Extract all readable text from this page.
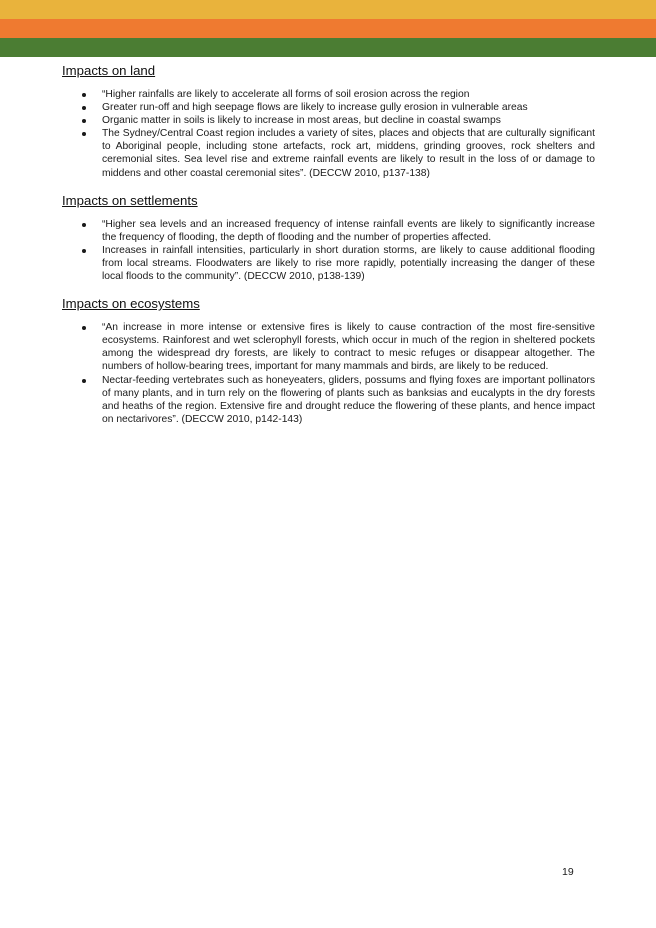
Impacts on land
“Higher rainfalls are likely to accelerate all forms of soil erosion across the region
Greater run-off and high seepage flows are likely to increase gully erosion in vulnerable areas
Organic matter in soils is likely to increase in most areas, but decline in coastal swamps
The Sydney/Central Coast region includes a variety of sites, places and objects that are culturally significant to Aboriginal people, including stone artefacts, rock art, middens, grinding grooves, rock shelters and ceremonial sites. Sea level rise and extreme rainfall events are likely to result in the loss of or damage to middens and other coastal ceremonial sites”. (DECCW 2010, p137-138)
Impacts on settlements
“Higher sea levels and an increased frequency of intense rainfall events are likely to significantly increase the frequency of flooding, the depth of flooding and the number of properties affected.
Increases in rainfall intensities, particularly in short duration storms, are likely to cause additional flooding from local streams. Floodwaters are likely to rise more rapidly, potentially increasing the danger of these local floods to the community”. (DECCW 2010, p138-139)
Impacts on ecosystems
“An increase in more intense or extensive fires is likely to cause contraction of the most fire-sensitive ecosystems. Rainforest and wet sclerophyll forests, which occur in much of the region in sheltered pockets among the widespread dry forests, are likely to contract to mesic refuges or disappear altogether. The numbers of hollow-bearing trees, important for many mammals and birds, are likely to be reduced.
Nectar-feeding vertebrates such as honeyeaters, gliders, possums and flying foxes are important pollinators of many plants, and in turn rely on the flowering of plants such as banksias and eucalypts in the dry forests and heaths of the region. Extensive fire and drought reduce the flowering of these plants, and hence impact on nectarivores”. (DECCW 2010, p142-143)
19
